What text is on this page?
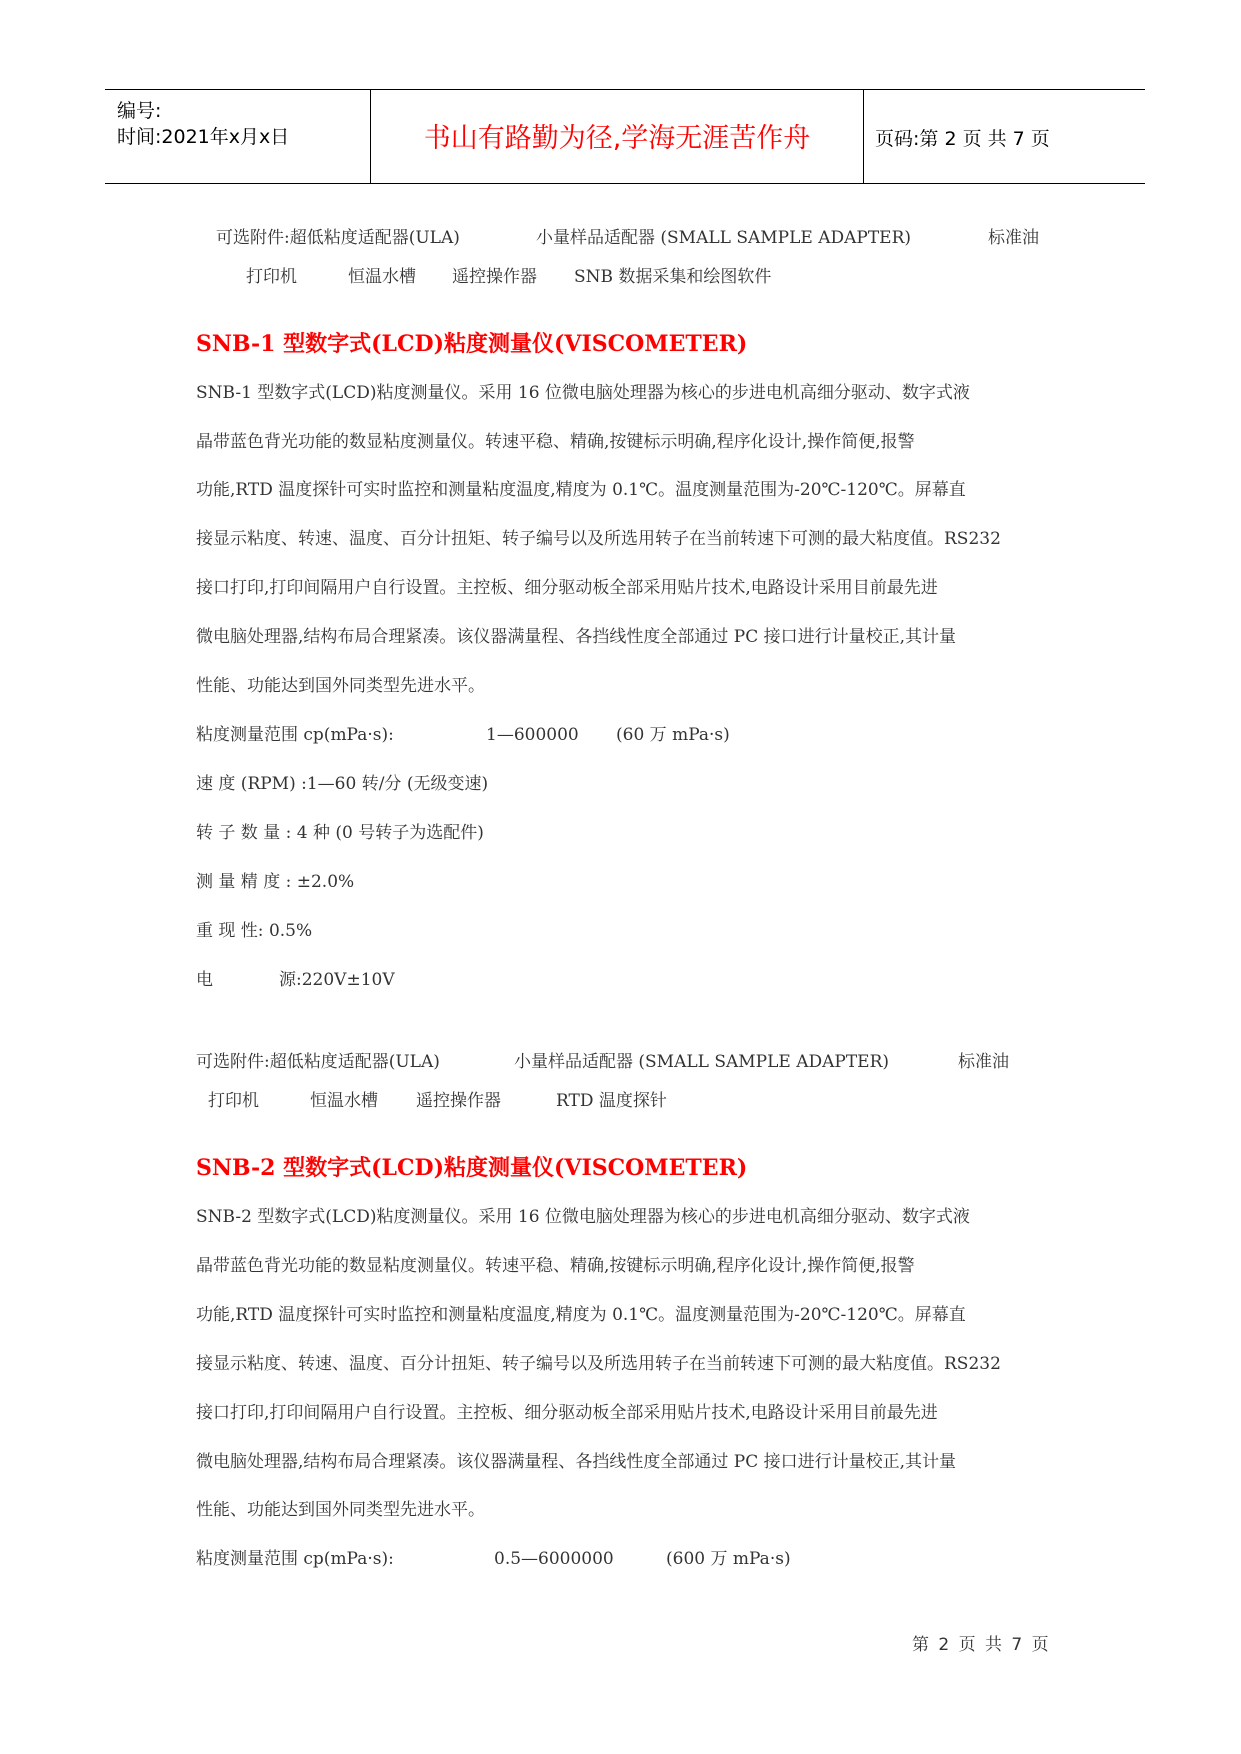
编号:
时间:2021年x月x日	书山有路勤为径,学海无涯苦作舟	页码:第 2 页 共 7 页
可选附件:超低粘度适配器(ULA)	小量样品适配器 (SMALL SAMPLE ADAPTER)	标准油
打印机	恒温水槽 遥控操作器 SNB 数据采集和绘图软件
SNB-1 型数字式(LCD)粘度测量仪(VISCOMETER)
SNB-1 型数字式(LCD)粘度测量仪。采用 16 位微电脑处理器为核心的步进电机高细分驱动、数字式液
晶带蓝色背光功能的数显粘度测量仪。转速平稳、精确,按键标示明确,程序化设计,操作简便,报警
功能,RTD 温度探针可实时监控和测量粘度温度,精度为 0.1℃。温度测量范围为-20℃-120℃。屏幕直
接显示粘度、转速、温度、百分计扭矩、转子编号以及所选用转子在当前转速下可测的最大粘度值。RS232
接口打印,打印间隔用户自行设置。主控板、细分驱动板全部采用贴片技术,电路设计采用目前最先进
微电脑处理器,结构布局合理紧凑。该仪器满量程、各挡线性度全部通过 PC 接口进行计量校正,其计量
性能、功能达到国外同类型先进水平。
粘度测量范围 cp(mPa·s):	1—600000 (60 万 mPa·s)
速 度 (RPM) :1—60 转/分 (无级变速)
转 子 数 量 : 4 种 (0 号转子为选配件)
测 量 精 度 : ±2.0%
重 现 性: 0.5%
电	源:220V±10V
可选附件:超低粘度适配器(ULA)	小量样品适配器 (SMALL SAMPLE ADAPTER)	标准油
打印机	恒温水槽 遥控操作器	RTD 温度探针
SNB-2 型数字式(LCD)粘度测量仪(VISCOMETER)
SNB-2 型数字式(LCD)粘度测量仪。采用 16 位微电脑处理器为核心的步进电机高细分驱动、数字式液
晶带蓝色背光功能的数显粘度测量仪。转速平稳、精确,按键标示明确,程序化设计,操作简便,报警
功能,RTD 温度探针可实时监控和测量粘度温度,精度为 0.1℃。温度测量范围为-20℃-120℃。屏幕直
接显示粘度、转速、温度、百分计扭矩、转子编号以及所选用转子在当前转速下可测的最大粘度值。RS232
接口打印,打印间隔用户自行设置。主控板、细分驱动板全部采用贴片技术,电路设计采用目前最先进
微电脑处理器,结构布局合理紧凑。该仪器满量程、各挡线性度全部通过 PC 接口进行计量校正,其计量
性能、功能达到国外同类型先进水平。
粘度测量范围 cp(mPa·s):	0.5—6000000	(600 万 mPa·s)
第 2 页 共 7 页
